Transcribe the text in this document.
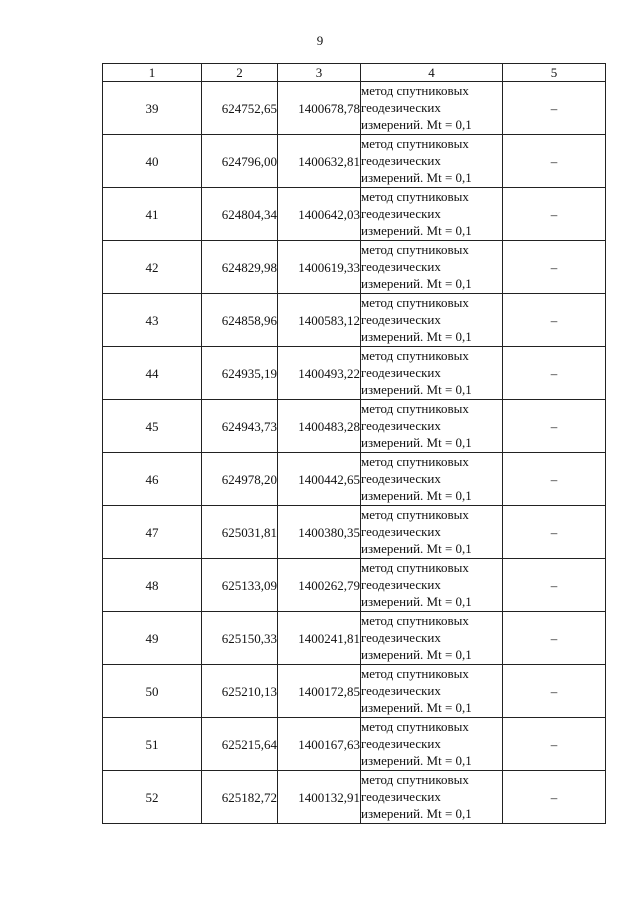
9
1	2	3	4	5
39	624752,65	1400678,78	метод спутниковых
геодезических
измерений. Mt = 0,1	–
40	624796,00	1400632,81	метод спутниковых
геодезических
измерений. Mt = 0,1	–
41	624804,34	1400642,03	метод спутниковых
геодезических
измерений. Mt = 0,1	–
42	624829,98	1400619,33	метод спутниковых
геодезических
измерений. Mt = 0,1	–
43	624858,96	1400583,12	метод спутниковых
геодезических
измерений. Mt = 0,1	–
44	624935,19	1400493,22	метод спутниковых
геодезических
измерений. Mt = 0,1	–
45	624943,73	1400483,28	метод спутниковых
геодезических
измерений. Mt = 0,1	–
46	624978,20	1400442,65	метод спутниковых
геодезических
измерений. Mt = 0,1	–
47	625031,81	1400380,35	метод спутниковых
геодезических
измерений. Mt = 0,1	–
48	625133,09	1400262,79	метод спутниковых
геодезических
измерений. Mt = 0,1	–
49	625150,33	1400241,81	метод спутниковых
геодезических
измерений. Mt = 0,1	–
50	625210,13	1400172,85	метод спутниковых
геодезических
измерений. Mt = 0,1	–
51	625215,64	1400167,63	метод спутниковых
геодезических
измерений. Mt = 0,1	–
52	625182,72	1400132,91	метод спутниковых
геодезических
измерений. Mt = 0,1	–
